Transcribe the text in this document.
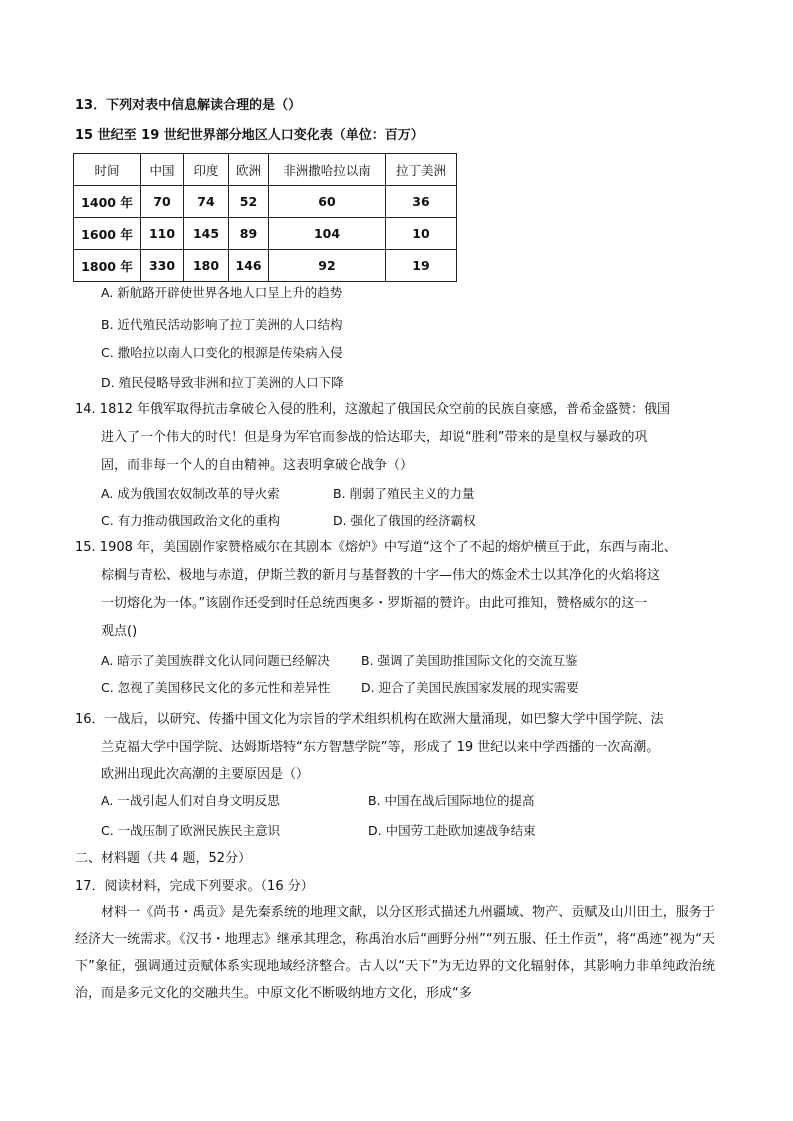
13．下列对表中信息解读合理的是（）
15 世纪至 19 世纪世界部分地区人口变化表（单位：百万）
时间	中国	印度	欧洲	非洲撒哈拉以南	拉丁美洲
1400 年	70	74	52	60	36
1600 年	110	145	89	104	10
1800 年	330	180	146	92	19
A. 新航路开辟使世界各地人口呈上升的趋势
B. 近代殖民活动影响了拉丁美洲的人口结构
C. 撒哈拉以南人口变化的根源是传染病入侵
D. 殖民侵略导致非洲和拉丁美洲的人口下降
14. 1812 年俄军取得抗击拿破仑入侵的胜利，这激起了俄国民众空前的民族自豪感，普希金盛赞：俄国
进入了一个伟大的时代！但是身为军官而参战的恰达耶夫，却说“胜利”带来的是皇权与暴政的巩
固，而非每一个人的自由精神。这表明拿破仑战争（）
A. 成为俄国农奴制改革的导火索	B. 削弱了殖民主义的力量
C. 有力推动俄国政治文化的重构	D. 强化了俄国的经济霸权
15. 1908 年，美国剧作家赞格威尔在其剧本《熔炉》中写道“这个了不起的熔炉横亘于此，东西与南北、
棕榈与青松、极地与赤道，伊斯兰教的新月与基督教的十字—伟大的炼金术士以其净化的火焰将这
一切熔化为一体。”该剧作还受到时任总统西奥多・罗斯福的赞许。由此可推知，赞格威尔的这一
观点()
A. 暗示了美国族群文化认同问题已经解决 B. 强调了美国助推国际文化的交流互鉴
C. 忽视了美国移民文化的多元性和差异性 D. 迎合了美国民族国家发展的现实需要
16．一战后，以研究、传播中国文化为宗旨的学术组织机构在欧洲大量涌现，如巴黎大学中国学院、法
兰克福大学中国学院、达姆斯塔特“东方智慧学院”等，形成了 19 世纪以来中学西播的一次高潮。
欧洲出现此次高潮的主要原因是（）
A. 一战引起人们对自身文明反思	B. 中国在战后国际地位的提高
C. 一战压制了欧洲民族民主意识	D. 中国劳工赴欧加速战争结束
二、材料题（共 4 题，52分）
17．阅读材料，完成下列要求。（16 分）
材料一《尚书・禹贡》是先秦系统的地理文献，以分区形式描述九州疆域、物产、贡赋及山川田土，服务于经济大一统需求。《汉书・地理志》继承其理念，称禹治水后“画野分州”“列五服、任土作贡”，将“禹迹”视为“天下”象征，强调通过贡赋体系实现地域经济整合。古人以“天下”为无边界的文化辐射体，其影响力非单纯政治统治，而是多元文化的交融共生。中原文化不断吸纳地方文化，形成“多
